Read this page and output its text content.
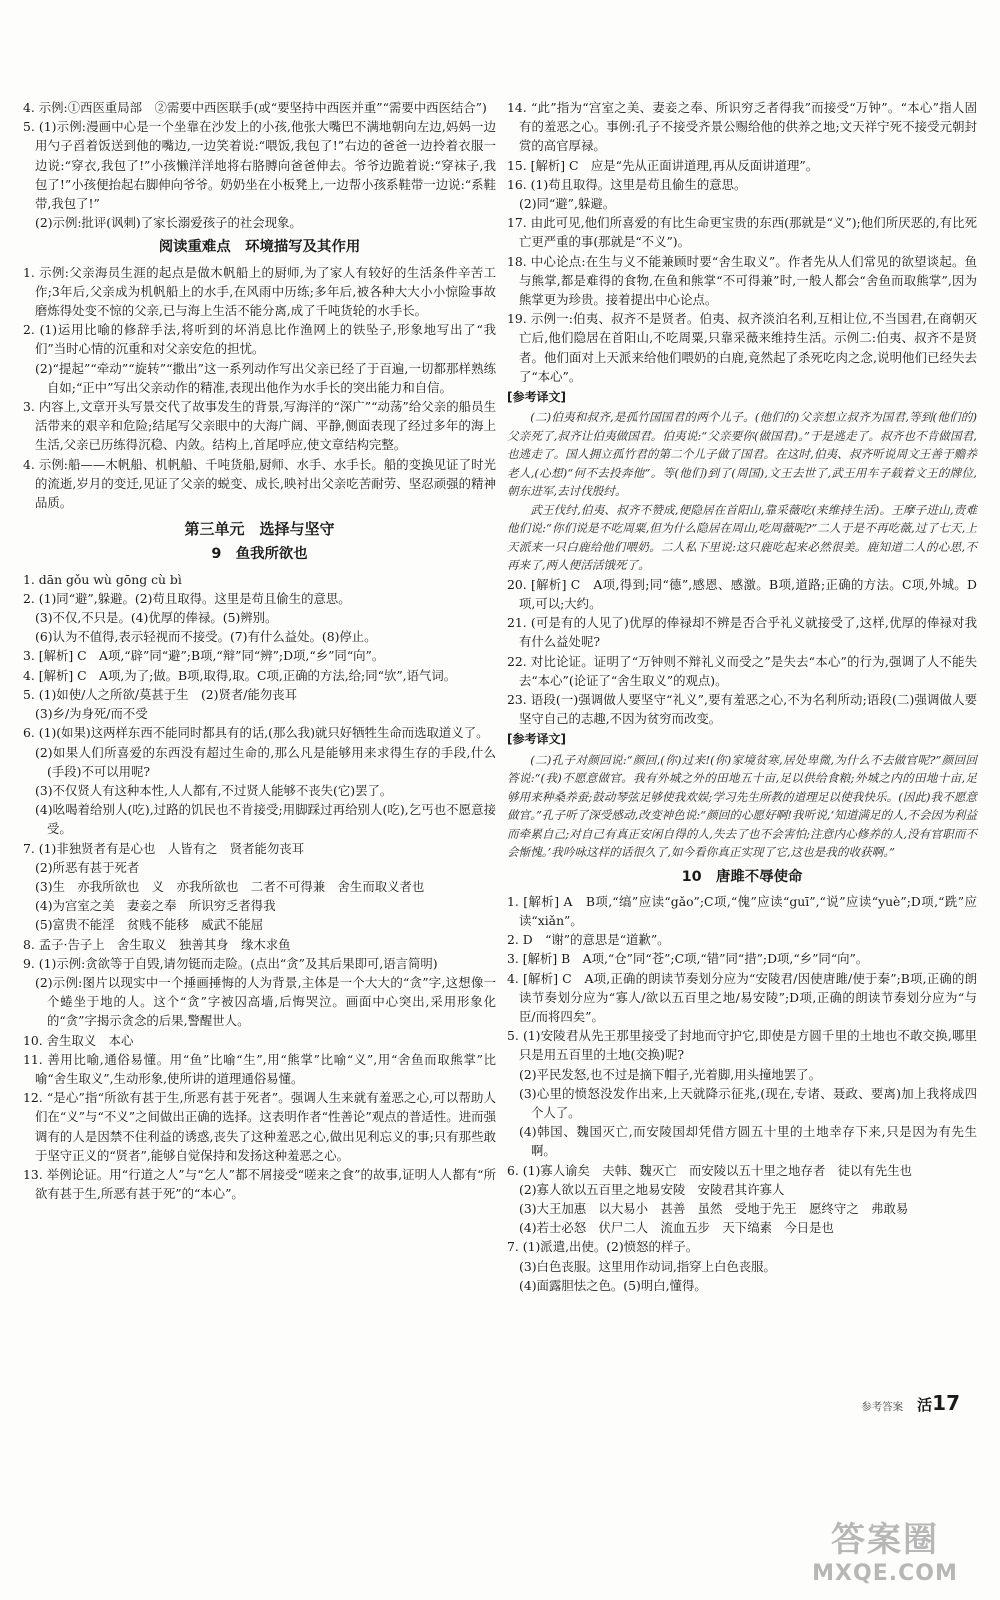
4. 示例:①西医重局部　②需要中西医联手(或“要坚持中西医并重”“需要中西医结合”)

5. (1)示例:漫画中心是一个坐靠在沙发上的小孩,他张大嘴巴不满地朝向左边,妈妈一边用勺子舀着饭送到他的嘴边,一边笑着说:“喂饭,我包了!”右边的爸爸一边拎着衣服一边说:“穿衣,我包了!”小孩懒洋洋地将右胳膊向爸爸伸去。爷爷边跪着说:“穿袜子,我包了!”小孩便抬起右脚伸向爷爷。奶奶坐在小板凳上,一边帮小孩系鞋带一边说:“系鞋带,我包了!”

(2)示例:批评(讽刺)了家长溺爱孩子的社会现象。

阅读重难点　环境描写及其作用

1. 示例:父亲海员生涯的起点是做木帆船上的厨师,为了家人有较好的生活条件辛苦工作;3年后,父亲成为机帆船上的水手,在风雨中历练;多年后,被各种大大小小惊险事故磨炼得处变不惊的父亲,已与海上生活不能分离,成了千吨货轮的水手长。

2. (1)运用比喻的修辞手法,将听到的坏消息比作渔网上的铁坠子,形象地写出了“我们”当时心情的沉重和对父亲安危的担忧。

(2)“提起”“牵动”“旋转”“撒出”这一系列动作写出父亲已经了于百遍,一切都那样熟练自如;“正中”写出父亲动作的精准,表现出他作为水手长的突出能力和自信。

3. 内容上,文章开头写景交代了故事发生的背景,写海洋的“深广”“动荡”给父亲的船员生活带来的艰辛和危险;结尾写父亲眼中的大海广阔、平静,侧面表现了经过多年的海上生活,父亲已历练得沉稳、内敛。结构上,首尾呼应,使文章结构完整。

4. 示例:船——木帆船、机帆船、千吨货船,厨师、水手、水手长。船的变换见证了时光的流逝,岁月的变迁,见证了父亲的蜕变、成长,映衬出父亲吃苦耐劳、坚忍顽强的精神品质。

第三单元　选择与坚守

9　鱼我所欲也

1. dān gǒu wù gōng cù bì

2. (1)同“避”,躲避。(2)苟且取得。这里是苟且偷生的意思。

(3)不仅,不只是。(4)优厚的俸禄。(5)辨别。

(6)认为不值得,表示轻视而不接受。(7)有什么益处。(8)停止。

3. [解析] C　A项,“辟”同“避”;B项,“辩”同“辨”;D项,“乡”同“向”。

4. [解析] C　A项,为了;做。B项,取得,取。C项,正确的方法,给;同“欤”,语气词。

5. (1)如使/人之所欲/莫甚于生　(2)贤者/能勿丧耳

(3)乡/为身死/而不受

6. (1)(如果)这两样东西不能同时都具有的话,(那么我)就只好牺牲生命而选取道义了。

(2)如果人们所喜爱的东西没有超过生命的,那么凡是能够用来求得生存的手段,什么(手段)不可以用呢?

(3)不仅贤人有这种本性,人人都有,不过贤人能够不丧失(它)罢了。

(4)吆喝着给别人(吃),过路的饥民也不肯接受;用脚踩过再给别人(吃),乞丐也不愿意接受。

7. (1)非独贤者有是心也　人皆有之　贤者能勿丧耳

(2)所恶有甚于死者

(3)生　亦我所欲也　义　亦我所欲也　二者不可得兼　舍生而取义者也

(4)为宫室之美　妻妾之奉　所识穷乏者得我

(5)富贵不能淫　贫贱不能移　威武不能屈

8. 孟子·告子上　舍生取义　独善其身　缘木求鱼

9. (1)示例:贪欲等于自毁,请勿铤而走险。(点出“贪”及其后果即可,语言简明)

(2)示例:图片以现实中一个捶画捶悔的人为背景,主体是一个大大的“贪”字,这想像一个蜷坐于地的人。这个“贪”字被囚高墙,后悔哭泣。画面中心突出,采用形象化的“贪”字揭示贪念的后果,警醒世人。

10. 舍生取义　本心

11. 善用比喻,通俗易懂。用“鱼”比喻“生”,用“熊掌”比喻“义”,用“舍鱼而取熊掌”比喻“舍生取义”,生动形象,使所讲的道理通俗易懂。

12. “是心”指“所欲有甚于生,所恶有甚于死者”。强调人生来就有羞恶之心,可以帮助人们在“义”与“不义”之间做出正确的选择。这表明作者“性善论”观点的普适性。进而强调有的人是因禁不住利益的诱惑,丧失了这种羞恶之心,做出见利忘义的事;只有那些敢于坚守正义的“贤者”,能够自觉保持和发扬这种羞恶之心。

13. 举例论证。用“行道之人”与“乞人”都不屑接受“嗟来之食”的故事,证明人人都有“所欲有甚于生,所恶有甚于死”的“本心”。

14. “此”指为“宫室之美、妻妾之奉、所识穷乏者得我”而接受“万钟”。“本心”指人固有的羞恶之心。事例:孔子不接受齐景公赐给他的供养之地;文天祥宁死不接受元朝封赏的高官厚禄。

15. [解析] C　应是“先从正面讲道理,再从反面讲道理”。

16. (1)苟且取得。这里是苟且偷生的意思。

(2)同“避”,躲避。

17. 由此可见,他们所喜爱的有比生命更宝贵的东西(那就是“义”);他们所厌恶的,有比死亡更严重的事(那就是“不义”)。

18. 中心论点:在生与义不能兼顾时要“舍生取义”。作者先从人们常见的欲望谈起。鱼与熊掌,都是难得的食物,在鱼和熊掌“不可得兼”时,一般人都会“舍鱼而取熊掌”,因为熊掌更为珍贵。接着提出中心论点。

19. 示例一:伯夷、叔齐不是贤者。伯夷、叔齐淡泊名利,互相让位,不当国君,在商朝灭亡后,他们隐居在首阳山,不吃周粟,只靠采薇来维持生活。示例二:伯夷、叔齐不是贤者。他们面对上天派来给他们喂奶的白鹿,竟然起了杀死吃肉之念,说明他们已经失去了“本心”。

[参考译文]

(二)伯夷和叔齐,是孤竹国国君的两个儿子。(他们的)父亲想立叔齐为国君,等到(他们的)父亲死了,叔齐让伯夷做国君。伯夷说:“父亲要你(做国君)。”于是逃走了。叔齐也不肯做国君,也逃走了。国人拥立孤竹君的第二个儿子做了国君。在这时,伯夷、叔齐听说周文王善于赡养老人,(心想)“何不去投奔他”。等(他们)到了(周国),文王去世了,武王用车子载着文王的牌位,朝东进军,去讨伐殷纣。

武王伐纣,伯夷、叔齐不赞成,便隐居在首阳山,靠采薇吃(来维持生活)。王摩子进山,责难他们说:“你们说是不吃周粟,但为什么隐居在周山,吃周薇呢?”二人于是不再吃薇,过了七天,上天派来一只白鹿给他们喂奶。二人私下里说:这只鹿吃起来必然很美。鹿知道二人的心思,不再来了,两人便活活饿死了。

20. [解析] C　A项,得到;同“德”,感恩、感激。B项,道路;正确的方法。C项,外城。D项,可以;大约。

21. (可是有的人见了)优厚的俸禄却不辨是否合乎礼义就接受了,这样,优厚的俸禄对我有什么益处呢?

22. 对比论证。证明了“万钟则不辩礼义而受之”是失去“本心”的行为,强调了人不能失去“本心”(论证了“舍生取义”的观点)。

23. 语段(一)强调做人要坚守“礼义”,要有羞恶之心,不为名利所动;语段(二)强调做人要坚守自己的志趣,不因为贫穷而改变。

[参考译文]

(二)孔子对颜回说:“颜回,(你)过来!(你)家境贫寒,居处卑微,为什么不去做官呢?”颜回回答说:“(我)不愿意做官。我有外城之外的田地五十亩,足以供给食粮;外城之内的田地十亩,足够用来种桑养蚕;鼓动琴弦足够使我欢娱;学习先生所教的道理足以使我快乐。(因此)我不愿意做官。”孔子听了深受感动,改变神色说:“颜回的心愿好啊!我听说,‘知道满足的人,不会因为利益而牵累自己;对自己有真正安闲自得的人,失去了也不会害怕;注意内心修养的人,没有官职而不会惭愧。’我吟咏这样的话很久了,如今看你真正实现了它,这也是我的收获啊。”

10　唐雎不辱使命

1. [解析] A　B项,“缟”应读“gǎo”;C项,“傀”应读“guī”,“说”应读“yuè”;D项,“跣”应读“xiǎn”。

2. D　“谢”的意思是“道歉”。

3. [解析] B　A项,“仓”同“苍”;C项,“错”同“措”;D项,“乡”同“向”。

4. [解析] C　A项,正确的朗读节奏划分应为“安陵君/因使唐雎/使于秦”;B项,正确的朗读节奏划分应为“寡人/欲以五百里之地/易安陵”;D项,正确的朗读节奏划分应为“与臣/而将四矣”。

5. (1)安陵君从先王那里接受了封地而守护它,即使是方圆千里的土地也不敢交换,哪里只是用五百里的土地(交换)呢?

(2)平民发怒,也不过是摘下帽子,光着脚,用头撞地罢了。

(3)心里的愤怒没发作出来,上天就降示征兆,(现在,专诸、聂政、要离)加上我将成四个人了。

(4)韩国、魏国灭亡,而安陵国却凭借方圆五十里的土地幸存下来,只是因为有先生啊。

6. (1)寡人谕矣　夫韩、魏灭亡　而安陵以五十里之地存者　徒以有先生也

(2)寡人欲以五百里之地易安陵　安陵君其许寡人

(3)大王加惠　以大易小　甚善　虽然　受地于先王　愿终守之　弗敢易

(4)若士必怒　伏尸二人　流血五步　天下缟素　今日是也

7. (1)派遣,出使。(2)愤怒的样子。

(3)白色丧服。这里用作动词,指穿上白色丧服。

(4)面露胆怯之色。(5)明白,懂得。

参考答案 活17
答案圈
MXQE.COM
